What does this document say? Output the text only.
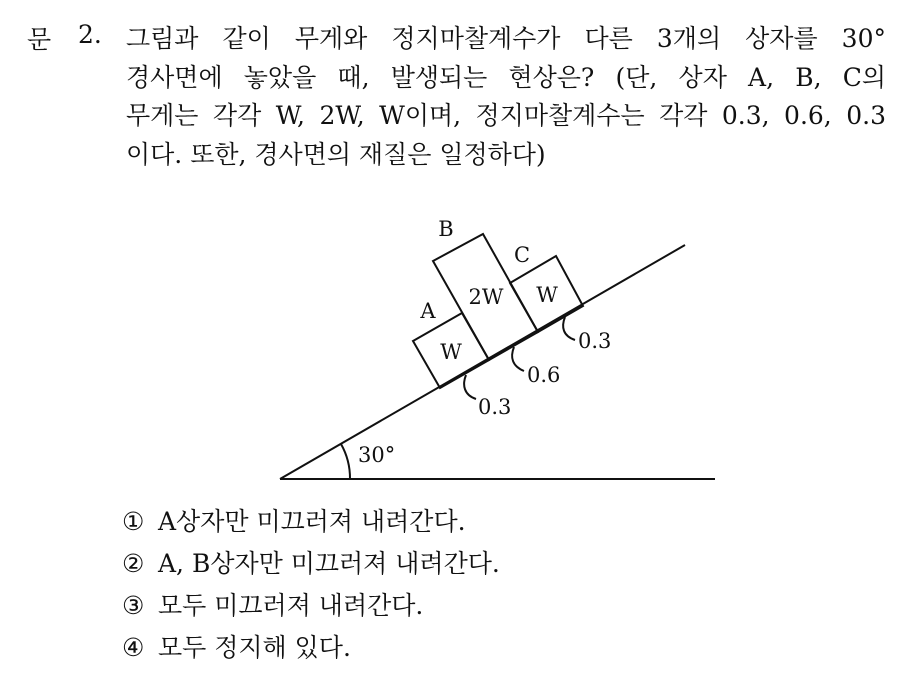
문 2. 그림과 같이 무게와 정지마찰계수가 다른 3개의 상자를 30°
경사면에 놓았을 때, 발생되는 현상은? (단, 상자 A, B, C의
무게는 각각 W, 2W, W이며, 정지마찰계수는 각각 0.3, 0.6, 0.3
이다. 또한, 경사면의 재질은 일정하다)
30°
W
A
2W
B
W
C
0.3
0.6
0.3
① A상자만 미끄러져 내려간다.
② A, B상자만 미끄러져 내려간다.
③ 모두 미끄러져 내려간다.
④ 모두 정지해 있다.
